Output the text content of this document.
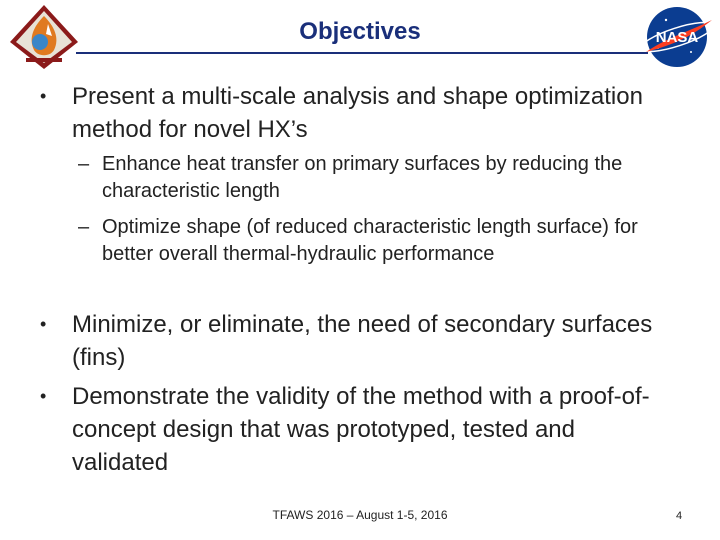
NASA
Objectives
• Present a multi-scale analysis and shape optimization method for novel HX’s
– Enhance heat transfer on primary surfaces by reducing the characteristic length
– Optimize shape (of reduced characteristic length surface) for better overall thermal-hydraulic performance
• Minimize, or eliminate, the need of secondary surfaces (fins)
• Demonstrate the validity of the method with a proof-of-concept design that was prototyped, tested and validated
TFAWS 2016 – August 1-5, 2016	4
